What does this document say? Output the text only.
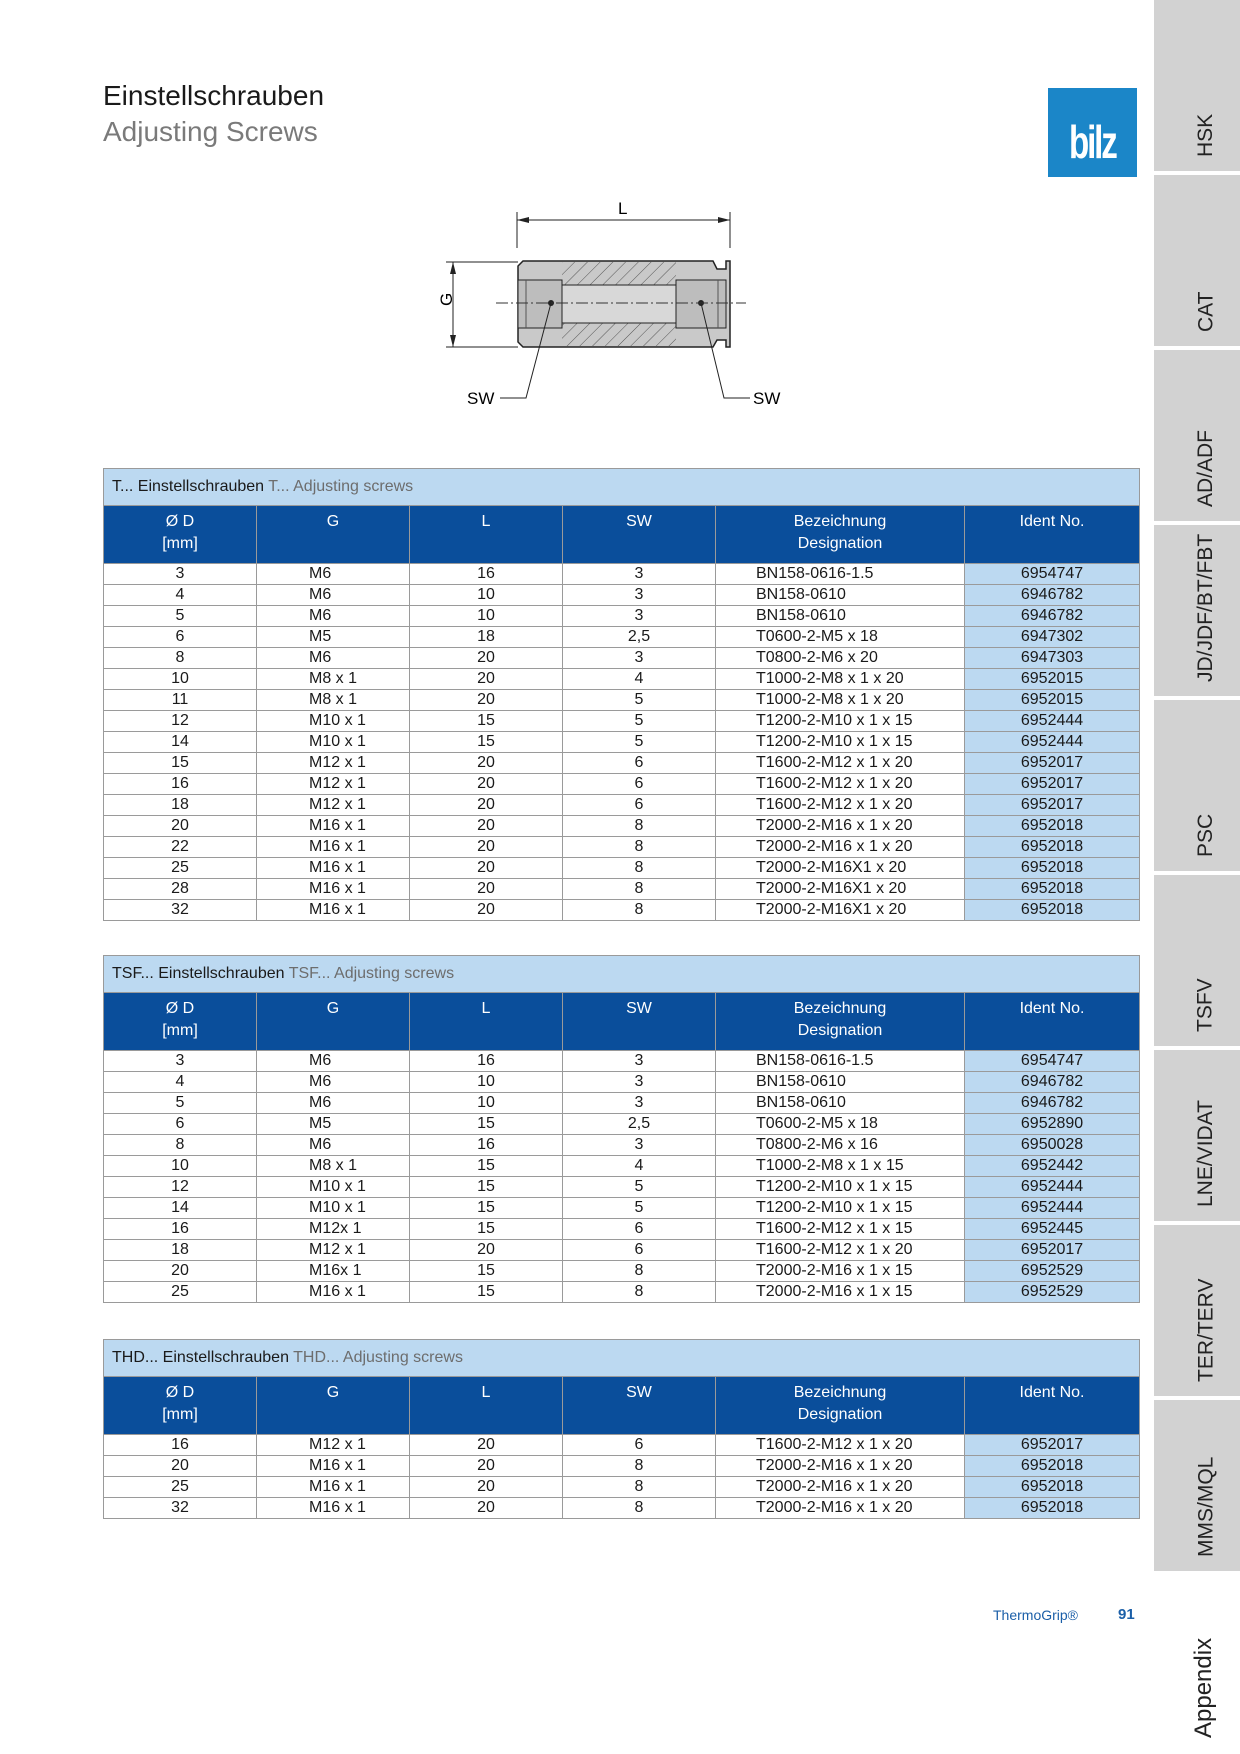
Einstellschrauben
Adjusting Screws	bilz	HSK
CAT
AD/ADF
JD/JDF/BT/FBT
PSC
TSFV
LNE/VIDAT
TER/TERV
MMS/MQL
Appendix
L
G
SW	SW
T... Einstellschrauben T... Adjusting screws					
Ø D
[mm]	G	L	SW	Bezeichnung
Designation	Ident No.
3	M6	16	3	BN158-0616-1.5	6954747
4	M6	10	3	BN158-0610	6946782
5	M6	10	3	BN158-0610	6946782
6	M5	18	2,5	T0600-2-M5 x 18	6947302
8	M6	20	3	T0800-2-M6 x 20	6947303
10	M8 x 1	20	4	T1000-2-M8 x 1 x 20	6952015
11	M8 x 1	20	5	T1000-2-M8 x 1 x 20	6952015
12	M10 x 1	15	5	T1200-2-M10 x 1 x 15	6952444
14	M10 x 1	15	5	T1200-2-M10 x 1 x 15	6952444
15	M12 x 1	20	6	T1600-2-M12 x 1 x 20	6952017
16	M12 x 1	20	6	T1600-2-M12 x 1 x 20	6952017
18	M12 x 1	20	6	T1600-2-M12 x 1 x 20	6952017
20	M16 x 1	20	8	T2000-2-M16 x 1 x 20	6952018
22	M16 x 1	20	8	T2000-2-M16 x 1 x 20	6952018
25	M16 x 1	20	8	T2000-2-M16X1 x 20	6952018
28	M16 x 1	20	8	T2000-2-M16X1 x 20	6952018
32	M16 x 1	20	8	T2000-2-M16X1 x 20	6952018
TSF... Einstellschrauben TSF... Adjusting screws					
Ø D
[mm]	G	L	SW	Bezeichnung
Designation	Ident No.
3	M6	16	3	BN158-0616-1.5	6954747
4	M6	10	3	BN158-0610	6946782
5	M6	10	3	BN158-0610	6946782
6	M5	15	2,5	T0600-2-M5 x 18	6952890
8	M6	16	3	T0800-2-M6 x 16	6950028
10	M8 x 1	15	4	T1000-2-M8 x 1 x 15	6952442
12	M10 x 1	15	5	T1200-2-M10 x 1 x 15	6952444
14	M10 x 1	15	5	T1200-2-M10 x 1 x 15	6952444
16	M12x 1	15	6	T1600-2-M12 x 1 x 15	6952445
18	M12 x 1	20	6	T1600-2-M12 x 1 x 20	6952017
20	M16x 1	15	8	T2000-2-M16 x 1 x 15	6952529
25	M16 x 1	15	8	T2000-2-M16 x 1 x 15	6952529
THD... Einstellschrauben THD... Adjusting screws					
Ø D
[mm]	G	L	SW	Bezeichnung
Designation	Ident No.
16	M12 x 1	20	6	T1600-2-M12 x 1 x 20	6952017
20	M16 x 1	20	8	T2000-2-M16 x 1 x 20	6952018
25	M16 x 1	20	8	T2000-2-M16 x 1 x 20	6952018
32	M16 x 1	20	8	T2000-2-M16 x 1 x 20	6952018
ThermoGrip®	91
